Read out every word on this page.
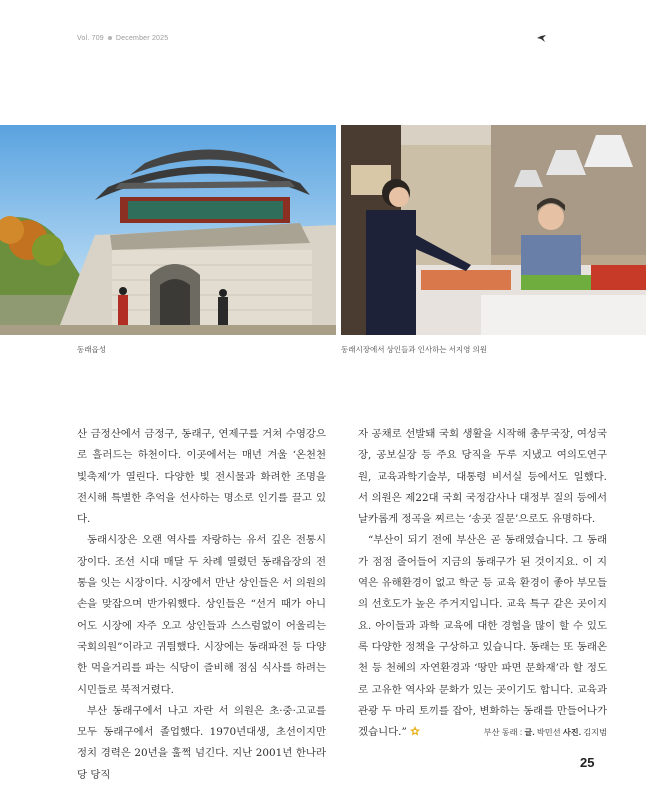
Vol. 709 December 2025
동래읍성	동래시장에서 상인들과 인사하는 서지영 의원

산 금정산에서 금정구, 동래구, 연제구를 거쳐 수영강으로 흘러드는 하천이다. 이곳에서는 매년 겨울 ‘온천천 빛축제’가 열린다. 다양한 빛 전시물과 화려한 조명을 전시해 특별한 추억을 선사하는 명소로 인기를 끌고 있다.

동래시장은 오랜 역사를 자랑하는 유서 깊은 전통시장이다. 조선 시대 매달 두 차례 열렸던 동래읍장의 전통을 잇는 시장이다. 시장에서 만난 상인들은 서 의원의 손을 맞잡으며 반가워했다. 상인들은 “선거 때가 아니어도 시장에 자주 오고 상인들과 스스럼없이 어울리는 국회의원”이라고 귀띔했다. 시장에는 동래파전 등 다양한 먹을거리를 파는 식당이 즐비해 점심 식사를 하려는 시민들로 북적거렸다.

부산 동래구에서 나고 자란 서 의원은 초·중·고교를 모두 동래구에서 졸업했다. 1970년대생, 초선이지만 정치 경력은 20년을 훌쩍 넘긴다. 지난 2001년 한나라당 당직

자 공채로 선발돼 국회 생활을 시작해 총무국장, 여성국장, 공보실장 등 주요 당직을 두루 지냈고 여의도연구원, 교육과학기술부, 대통령 비서실 등에서도 일했다. 서 의원은 제22대 국회 국정감사나 대정부 질의 등에서 날카롭게 정곡을 찌르는 ‘송곳 질문’으로도 유명하다.

“부산이 되기 전에 부산은 곧 동래였습니다. 그 동래가 점점 줄어들어 지금의 동래구가 된 것이지요. 이 지역은 유해환경이 없고 학군 등 교육 환경이 좋아 부모들의 선호도가 높은 주거지입니다. 교육 특구 같은 곳이지요. 아이들과 과학 교육에 대한 경험을 많이 할 수 있도록 다양한 정책을 구상하고 있습니다. 동래는 또 동래온천 등 천혜의 자연환경과 ‘땅만 파면 문화재’라 할 정도로 고유한 역사와 문화가 있는 곳이기도 합니다. 교육과 관광 두 마리 토끼를 잡아, 변화하는 동래를 만들어나가겠습니다.”	부산 동래 : 글. 박민선 사진. 김지범

25
